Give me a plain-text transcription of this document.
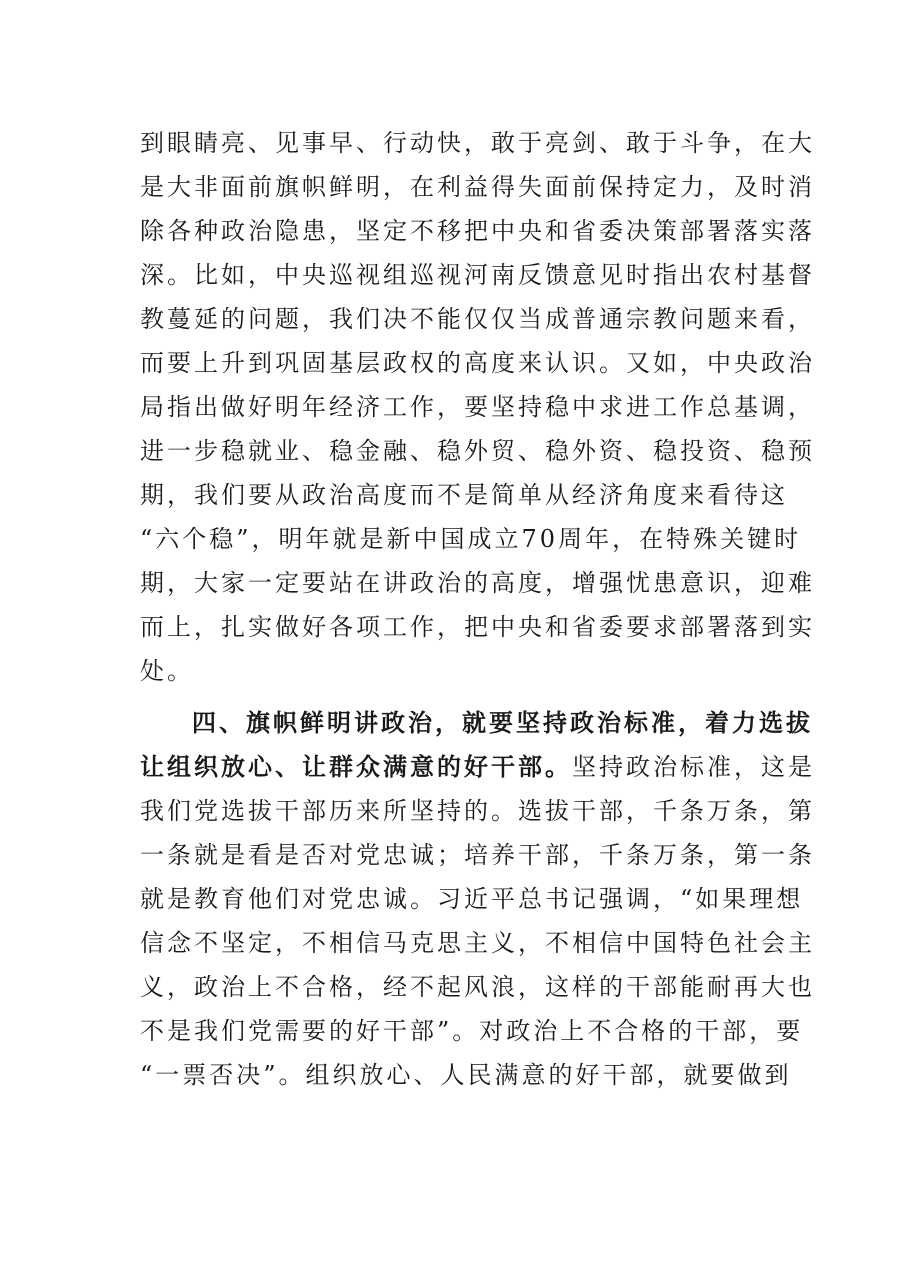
到眼睛亮、见事早、行动快，敢于亮剑、敢于斗争，在大
是大非面前旗帜鲜明，在利益得失面前保持定力，及时消
除各种政治隐患，坚定不移把中央和省委决策部署落实落
深。比如，中央巡视组巡视河南反馈意见时指出农村基督
教蔓延的问题，我们决不能仅仅当成普通宗教问题来看，
而要上升到巩固基层政权的高度来认识。又如，中央政治
局指出做好明年经济工作，要坚持稳中求进工作总基调，
进一步稳就业、稳金融、稳外贸、稳外资、稳投资、稳预
期，我们要从政治高度而不是简单从经济角度来看待这
“六个稳”，明年就是新中国成立70周年，在特殊关键时
期，大家一定要站在讲政治的高度，增强忧患意识，迎难
而上，扎实做好各项工作，把中央和省委要求部署落到实
处。
四、旗帜鲜明讲政治，就要坚持政治标准，着力选拔
让组织放心、让群众满意的好干部。坚持政治标准，这是
我们党选拔干部历来所坚持的。选拔干部，千条万条，第
一条就是看是否对党忠诚；培养干部，千条万条，第一条
就是教育他们对党忠诚。习近平总书记强调，“如果理想
信念不坚定，不相信马克思主义，不相信中国特色社会主
义，政治上不合格，经不起风浪，这样的干部能耐再大也
不是我们党需要的好干部”。对政治上不合格的干部，要
“一票否决”。组织放心、人民满意的好干部，就要做到
